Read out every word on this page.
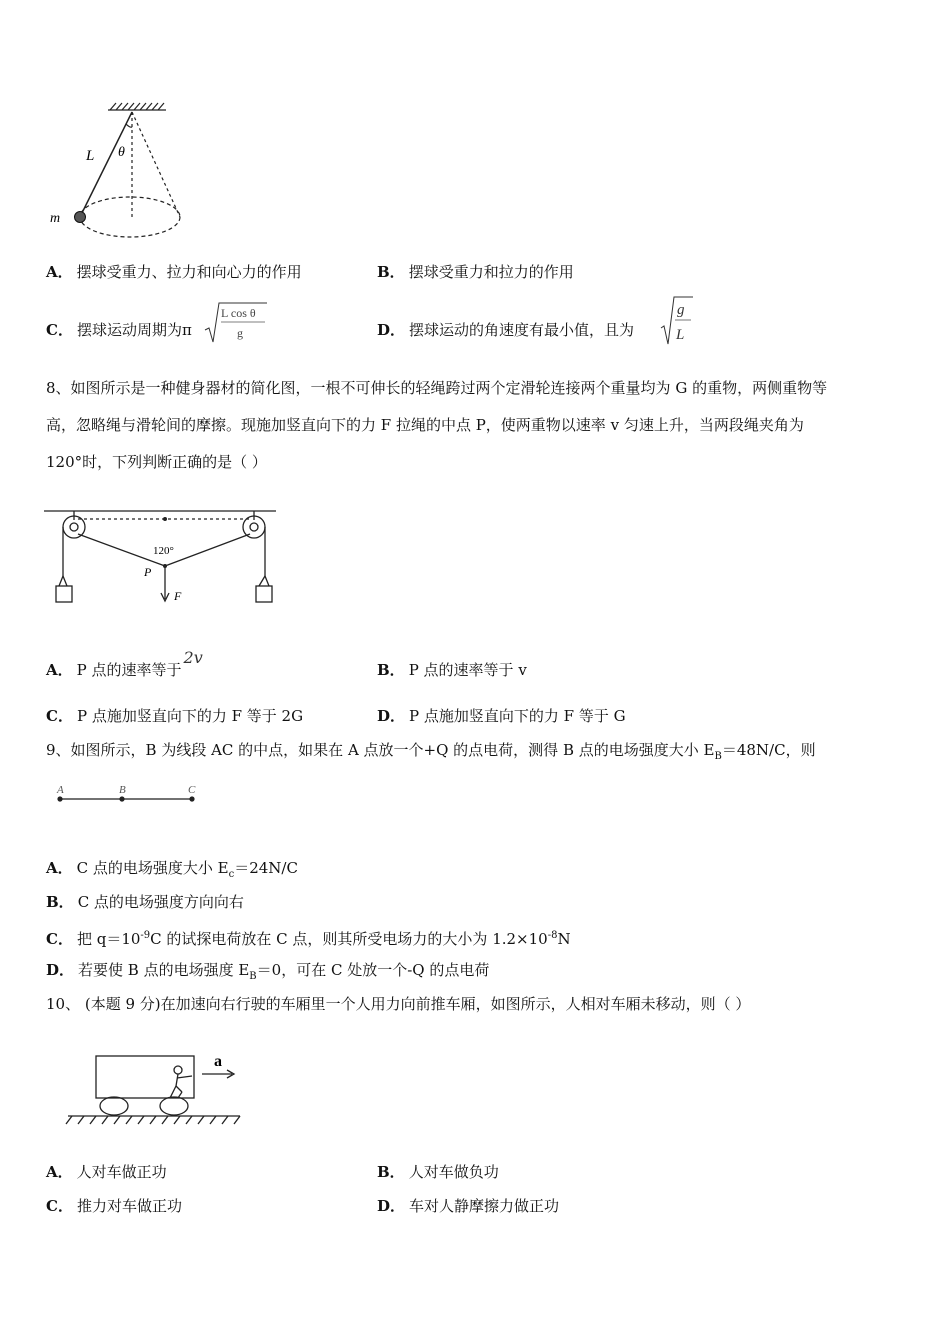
L θ
m
A． 摆球受重力、拉力和向心力的作用	B． 摆球受重力和拉力的作用
C． 摆球运动周期为π
L cos θ
g	D． 摆球运动的角速度有最小值，且为
g
L
8、如图所示是一种健身器材的简化图，一根不可伸长的轻绳跨过两个定滑轮连接两个重量均为 G 的重物，两侧重物等
高，忽略绳与滑轮间的摩擦。现施加竖直向下的力 F 拉绳的中点 P，使两重物以速率 v 匀速上升，当两段绳夹角为
120°时，下列判断正确的是（ ）
120°
P
F
A． P 点的速率等于2v
B． P 点的速率等于 v
C． P 点施加竖直向下的力 F 等于 2G	D． P 点施加竖直向下的力 F 等于 G
9、如图所示，B 为线段 AC 的中点，如果在 A 点放一个+Q 的点电荷，测得 B 点的电场强度大小 $E_B=48N/C$，则
A	B	C
A． C 点的电场强度大小 $E_c=24N/C$
B． C 点的电场强度方向向右
C． 把 $q=10^{-9}C$ 的试探电荷放在 C 点，则其所受电场力的大小为 $1.2\times 10^{-8}N$
D． 若要使 B 点的电场强度 $E_B=0$，可在 C 处放一个-Q 的点电荷
10、 (本题 9 分)在加速向右行驶的车厢里一个人用力向前推车厢，如图所示，人相对车厢未移动，则（ ）
a
A． 人对车做正功	B． 人对车做负功
C． 推力对车做正功	D． 车对人静摩擦力做正功
